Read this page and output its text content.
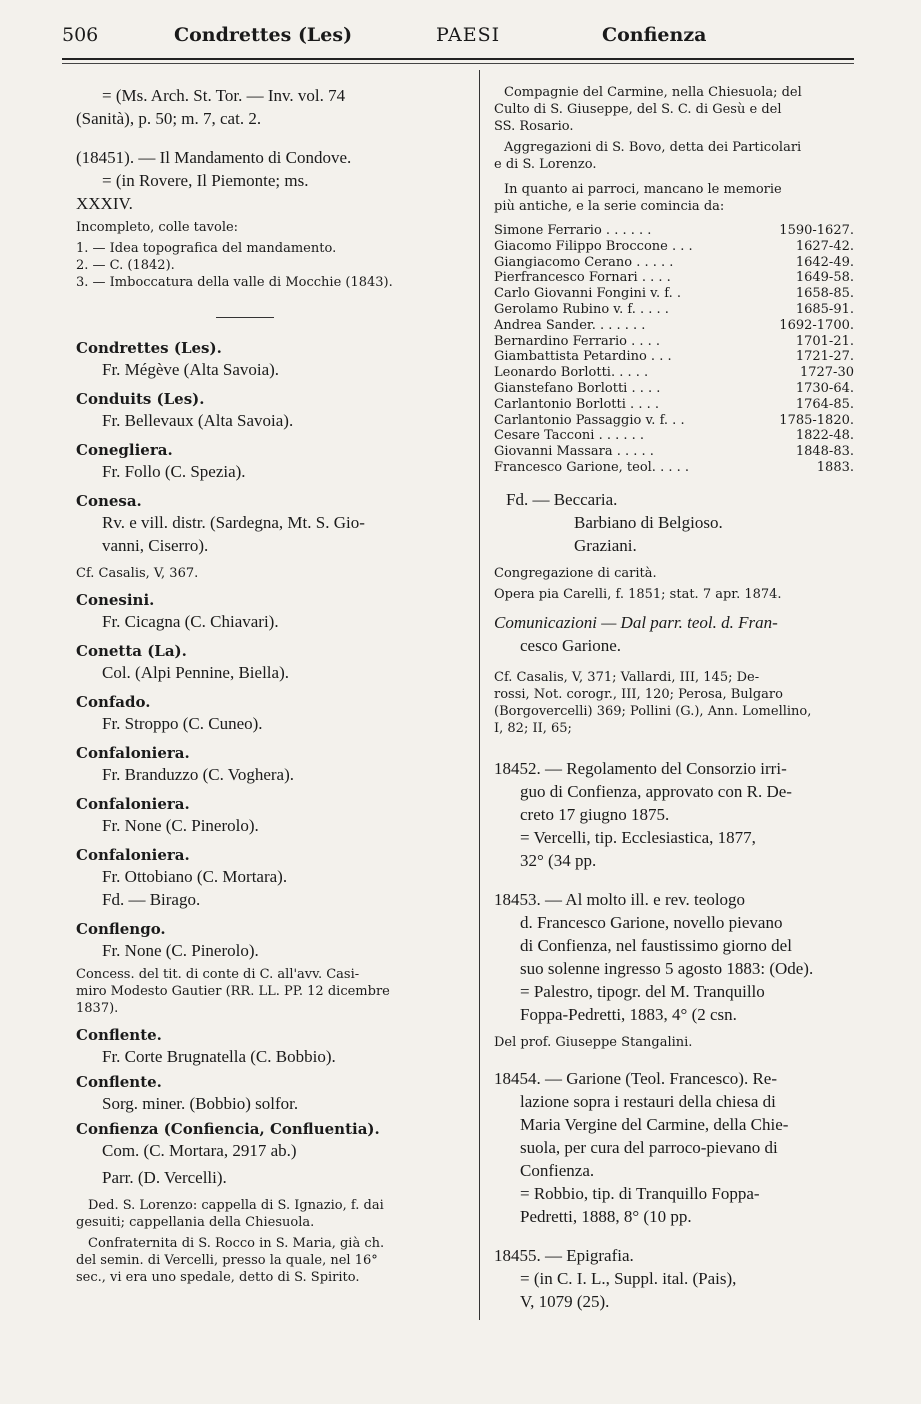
506	Condrettes (Les)	PAESI	Confienza

= (Ms. Arch. St. Tor. — Inv. vol. 74

(Sanità), p. 50; m. 7, cat. 2.

(18451). — Il Mandamento di Condove.

= (in Rovere, Il Piemonte; ms.

XXXIV.

Incompleto, colle tavole:

1. — Idea topografica del mandamento.

2. — C. (1842).

3. — Imboccatura della valle di Mocchie (1843).

Condrettes (Les).

Fr. Mégève (Alta Savoia).

Conduits (Les).

Fr. Bellevaux (Alta Savoia).

Conegliera.

Fr. Follo (C. Spezia).

Conesa.

Rv. e vill. distr. (Sardegna, Mt. S. Gio-

vanni, Ciserro).

Cf. Casalis, V, 367.

Conesini.

Fr. Cicagna (C. Chiavari).

Conetta (La).

Col. (Alpi Pennine, Biella).

Confado.

Fr. Stroppo (C. Cuneo).

Confaloniera.

Fr. Branduzzo (C. Voghera).

Confaloniera.

Fr. None (C. Pinerolo).

Confaloniera.

Fr. Ottobiano (C. Mortara).

Fd. — Birago.

Conflengo.

Fr. None (C. Pinerolo).

Concess. del tit. di conte di C. all'avv. Casi-

miro Modesto Gautier (RR. LL. PP. 12 dicembre

1837).

Conflente.

Fr. Corte Brugnatella (C. Bobbio).

Conflente.

Sorg. miner. (Bobbio) solfor.

Confienza (Confiencia, Confluentia).

Com. (C. Mortara, 2917 ab.)

Parr. (D. Vercelli).

Ded. S. Lorenzo: cappella di S. Ignazio, f. dai

gesuiti; cappellania della Chiesuola.

Confraternita di S. Rocco in S. Maria, già ch.

del semin. di Vercelli, presso la quale, nel 16°

sec., vi era uno spedale, detto di S. Spirito.

Compagnie del Carmine, nella Chiesuola; del

Culto di S. Giuseppe, del S. C. di Gesù e del

SS. Rosario.

Aggregazioni di S. Bovo, detta dei Particolari

e di S. Lorenzo.

In quanto ai parroci, mancano le memorie

più antiche, e la serie comincia da:

Simone Ferrario . . . . . .	1590-1627.
Giacomo Filippo Broccone . . .	1627-42.
Giangiacomo Cerano . . . . .	1642-49.
Pierfrancesco Fornari . . . .	1649-58.
Carlo Giovanni Fongini v. f. .	1658-85.
Gerolamo Rubino v. f. . . . .	1685-91.
Andrea Sander. . . . . . .	1692-1700.
Bernardino Ferrario . . . .	1701-21.
Giambattista Petardino . . .	1721-27.
Leonardo Borlotti. . . . .	1727-30
Gianstefano Borlotti . . . .	1730-64.
Carlantonio Borlotti . . . .	1764-85.
Carlantonio Passaggio v. f. . .	1785-1820.
Cesare Tacconi . . . . . .	1822-48.
Giovanni Massara . . . . .	1848-83.
Francesco Garione, teol. . . . .	1883.

Fd. — Beccaria.

Barbiano di Belgioso.

Graziani.

Congregazione di carità.

Opera pia Carelli, f. 1851; stat. 7 apr. 1874.

Comunicazioni — Dal parr. teol. d. Fran-

cesco Garione.

Cf. Casalis, V, 371; Vallardi, III, 145; De-

rossi, Not. corogr., III, 120; Perosa, Bulgaro

(Borgovercelli) 369; Pollini (G.), Ann. Lomellino,

I, 82; II, 65;

18452. — Regolamento del Consorzio irri-

guo di Confienza, approvato con R. De-

creto 17 giugno 1875.

= Vercelli, tip. Ecclesiastica, 1877,

32° (34 pp.

18453. — Al molto ill. e rev. teologo

d. Francesco Garione, novello pievano

di Confienza, nel faustissimo giorno del

suo solenne ingresso 5 agosto 1883: (Ode).

= Palestro, tipogr. del M. Tranquillo

Foppa-Pedretti, 1883, 4° (2 csn.

Del prof. Giuseppe Stangalini.

18454. — Garione (Teol. Francesco). Re-

lazione sopra i restauri della chiesa di

Maria Vergine del Carmine, della Chie-

suola, per cura del parroco-pievano di

Confienza.

= Robbio, tip. di Tranquillo Foppa-

Pedretti, 1888, 8° (10 pp.

18455. — Epigrafia.

= (in C. I. L., Suppl. ital. (Pais),

V, 1079 (25).
